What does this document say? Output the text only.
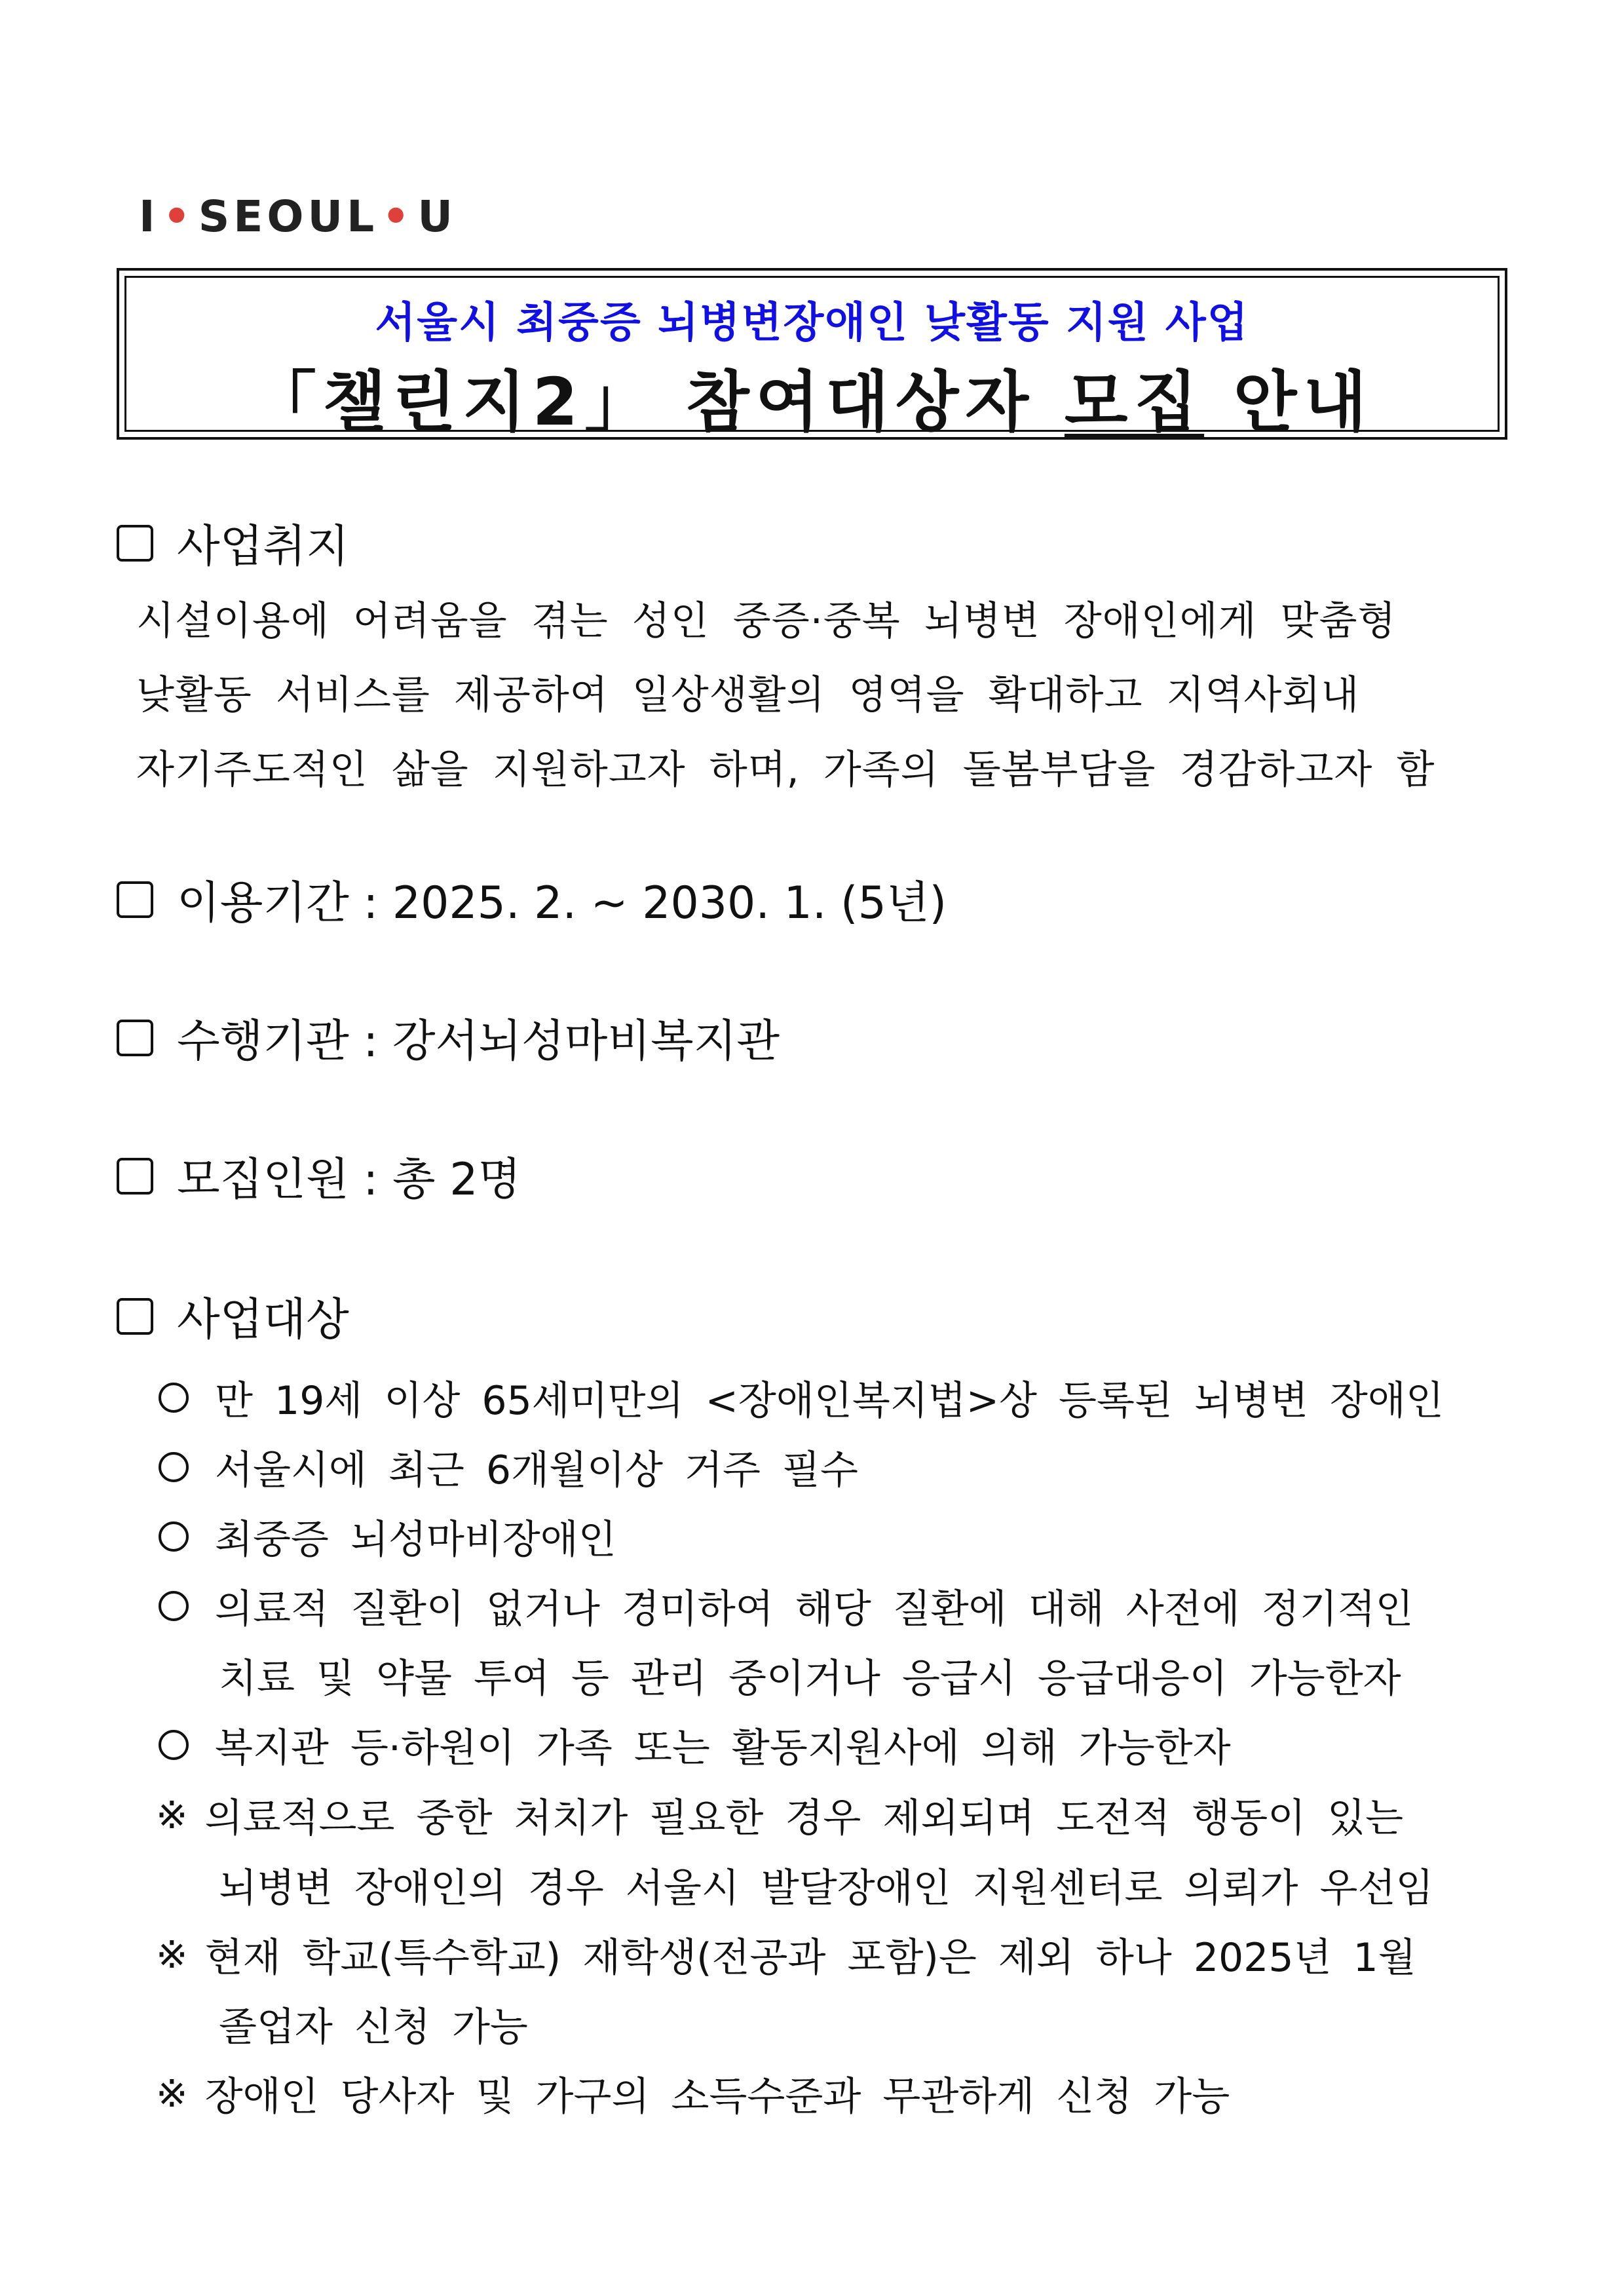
I • SEOUL • U
서울시 최중증 뇌병변장애인 낮활동 지원 사업
「챌린지2」 참여대상자 모집 안내
사업취지
시설이용에 어려움을 겪는 성인 중증·중복 뇌병변 장애인에게 맞춤형
낮활동 서비스를 제공하여 일상생활의 영역을 확대하고 지역사회내
자기주도적인 삶을 지원하고자 하며, 가족의 돌봄부담을 경감하고자 함
이용기간 : 2025. 2. ~ 2030. 1. (5년)
수행기관 : 강서뇌성마비복지관
모집인원 : 총 2명
사업대상
만 19세 이상 65세미만의 <장애인복지법>상 등록된 뇌병변 장애인
서울시에 최근 6개월이상 거주 필수
최중증 뇌성마비장애인
의료적 질환이 없거나 경미하여 해당 질환에 대해 사전에 정기적인
치료 및 약물 투여 등 관리 중이거나 응급시 응급대응이 가능한자
복지관 등·하원이 가족 또는 활동지원사에 의해 가능한자
※ 의료적으로 중한 처치가 필요한 경우 제외되며 도전적 행동이 있는
뇌병변 장애인의 경우 서울시 발달장애인 지원센터로 의뢰가 우선임
※ 현재 학교(특수학교) 재학생(전공과 포함)은 제외 하나 2025년 1월
졸업자 신청 가능
※ 장애인 당사자 및 가구의 소득수준과 무관하게 신청 가능
